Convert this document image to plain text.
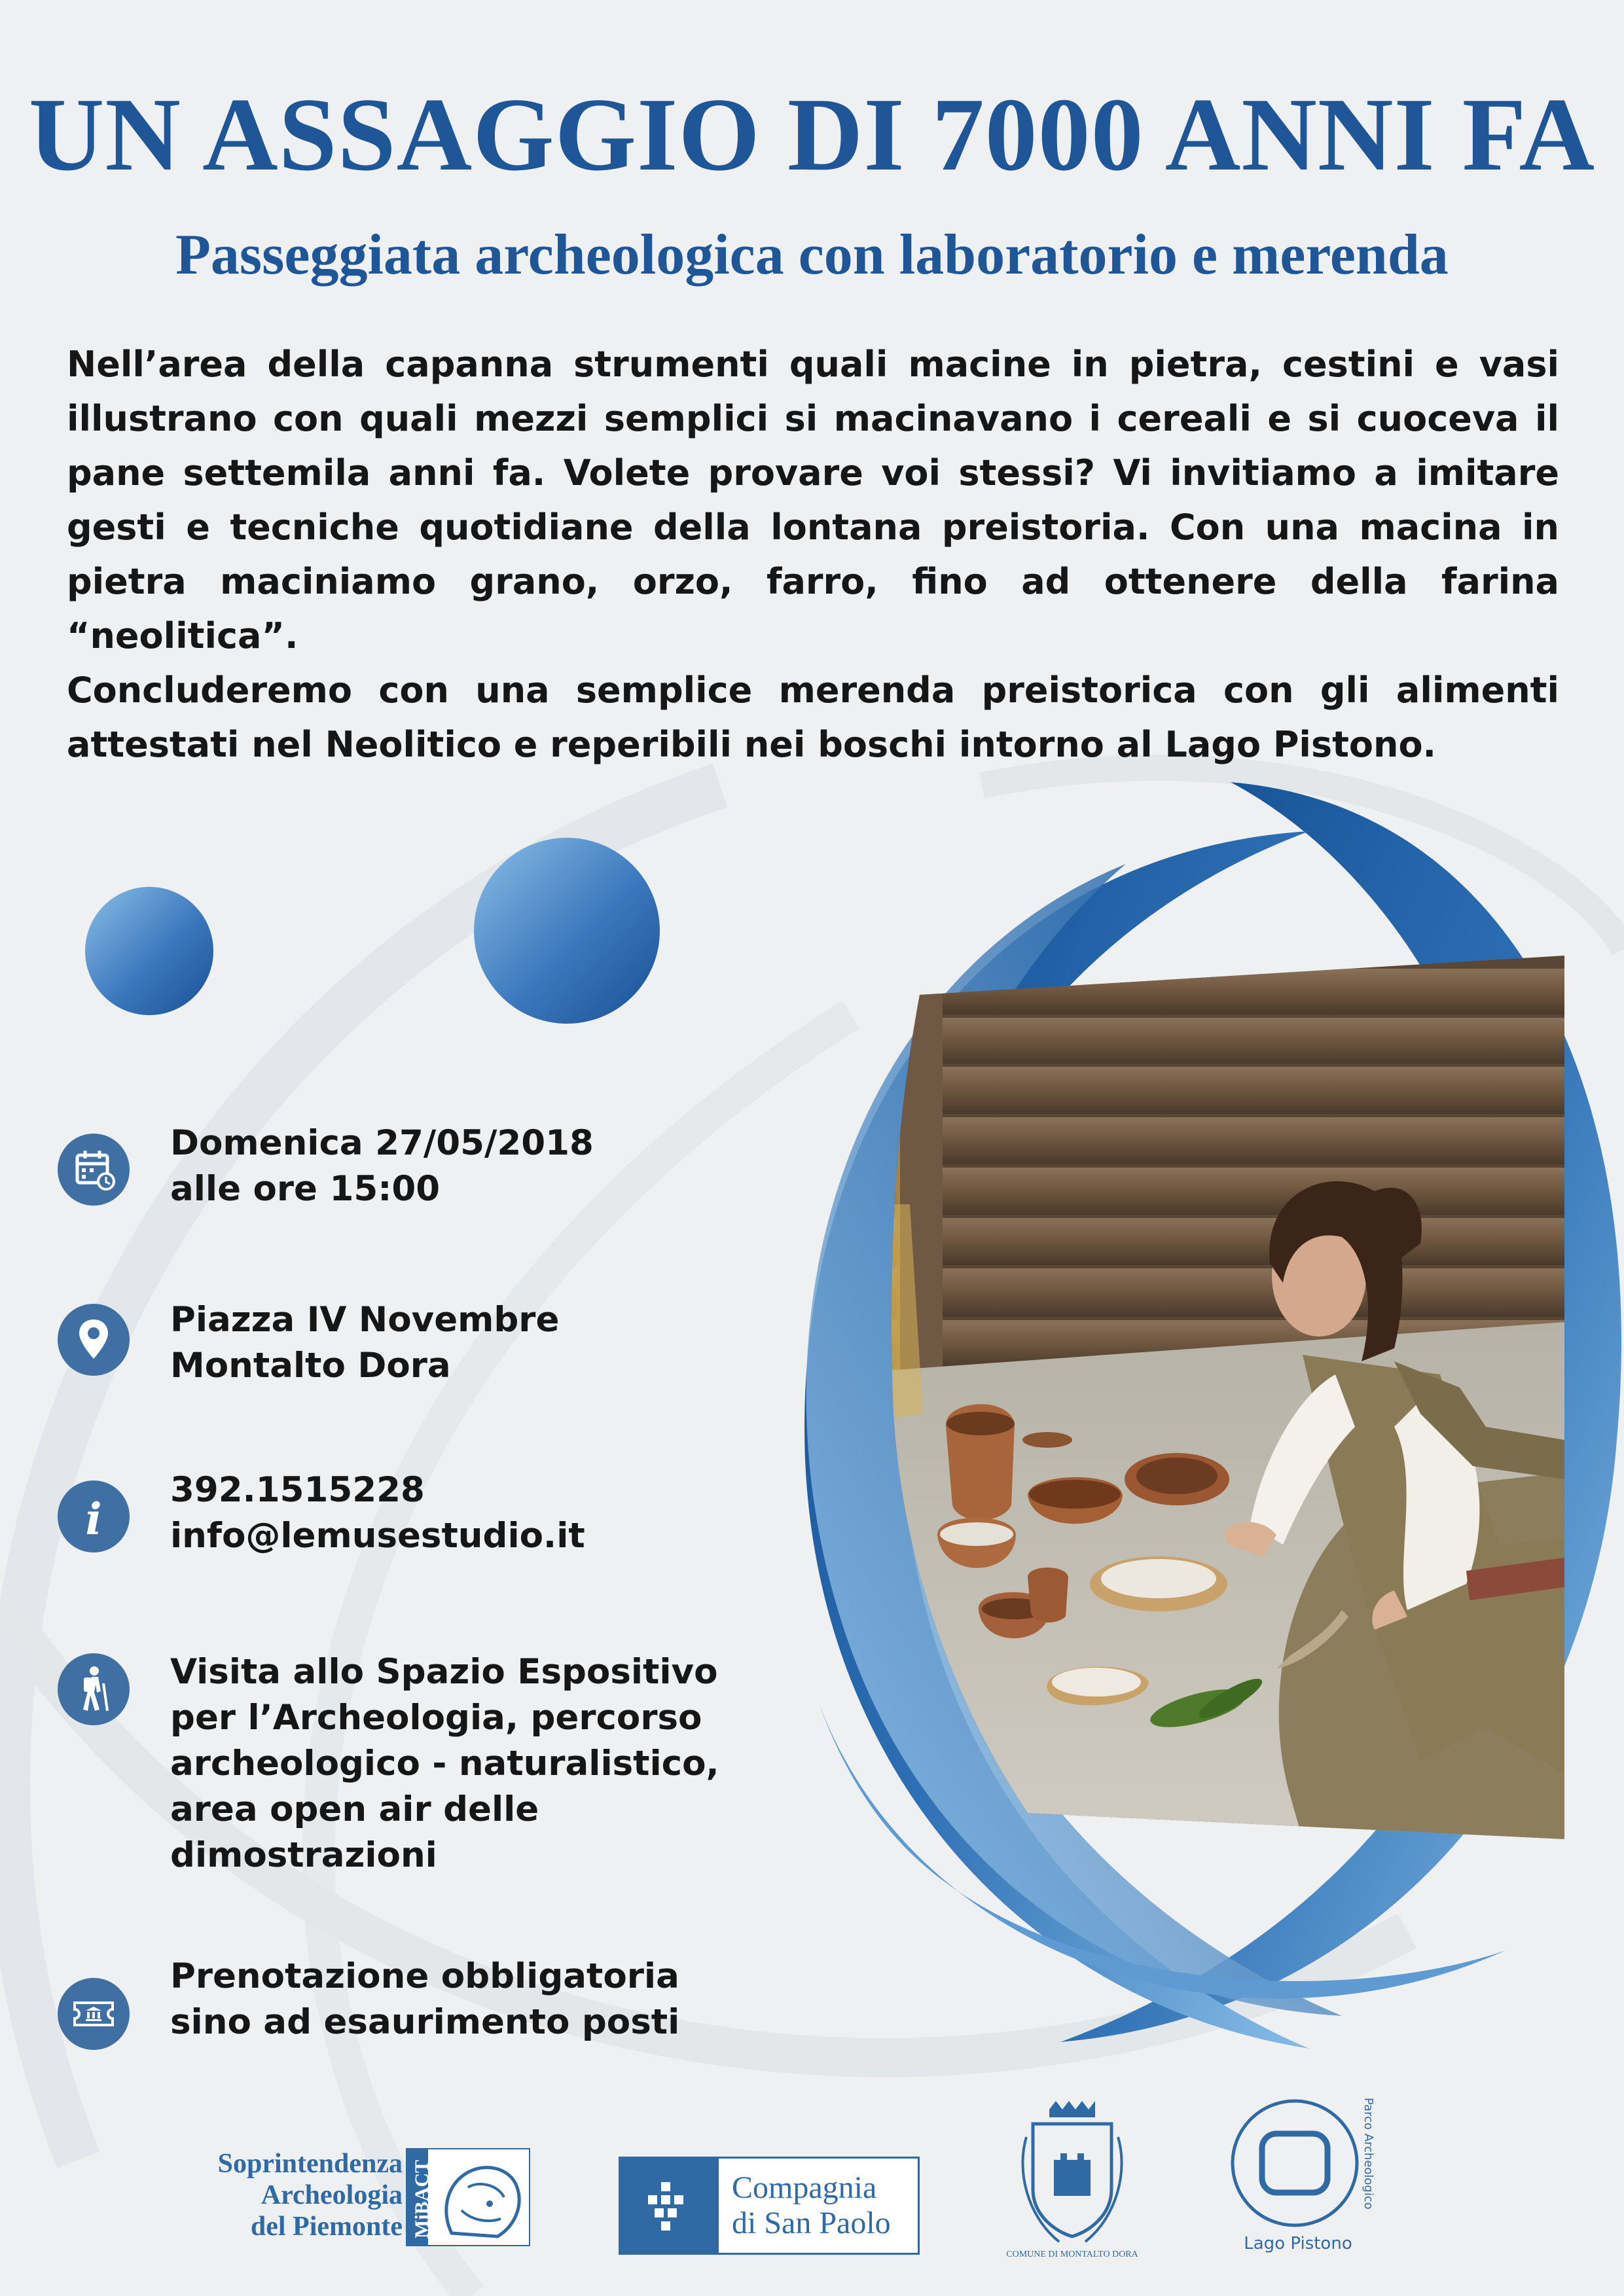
UN ASSAGGIO DI 7000 ANNI FA
Passeggiata archeologica con laboratorio e merenda

Nell’area della capanna strumenti quali macine in pietra, cestini e vasi illustrano con quali mezzi semplici si macinavano i cereali e si cuoceva il pane settemila anni fa. Volete provare voi stessi? Vi invitiamo a imitare gesti e tecniche quotidiane della lontana preistoria. Con una macina in pietra maciniamo grano, orzo, farro, fino ad ottenere della farina “neolitica”.

Concluderemo con una semplice merenda preistorica con gli alimenti attestati nel Neolitico e reperibili nei boschi intorno al Lago Pistono.

Domenica 27/05/2018
alle ore 15:00
Piazza IV Novembre
Montalto Dora
i
392.1515228
info@lemusestudio.it
Visita allo Spazio Espositivo
per l’Archeologia, percorso
archeologico - naturalistico,
area open air delle
dimostrazioni
Prenotazione obbligatoria
sino ad esaurimento posti
Soprintendenza
Archeologia
del Piemonte MiBACT	Compagnia
di San Paolo
COMUNE DI MONTALTO DORA
Lago Pistono
Parco Archeologico
